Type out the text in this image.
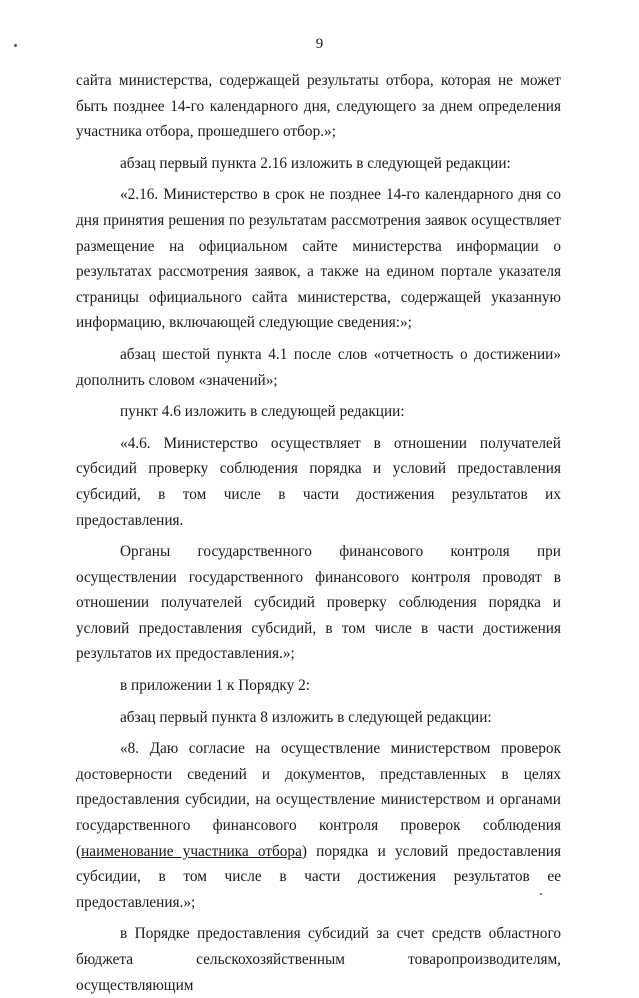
9

сайта министерства, содержащей результаты отбора, которая не может быть позднее 14-го календарного дня, следующего за днем определения участника отбора, прошедшего отбор.»;

абзац первый пункта 2.16 изложить в следующей редакции:

«2.16. Министерство в срок не позднее 14-го календарного дня со дня принятия решения по результатам рассмотрения заявок осуществляет размещение на официальном сайте министерства информации о результатах рассмотрения заявок, а также на едином портале указателя страницы официального сайта министерства, содержащей указанную информацию, включающей следующие сведения:»;

абзац шестой пункта 4.1 после слов «отчетность о достижении» дополнить словом «значений»;

пункт 4.6 изложить в следующей редакции:

«4.6. Министерство осуществляет в отношении получателей субсидий проверку соблюдения порядка и условий предоставления субсидий, в том числе в части достижения результатов их предоставления.

Органы государственного финансового контроля при осуществлении государственного финансового контроля проводят в отношении получателей субсидий проверку соблюдения порядка и условий предоставления субсидий, в том числе в части достижения результатов их предоставления.»;

в приложении 1 к Порядку 2:

абзац первый пункта 8 изложить в следующей редакции:

«8. Даю согласие на осуществление министерством проверок достоверности сведений и документов, представленных в целях предоставления субсидии, на осуществление министерством и органами государственного финансового контроля проверок соблюдения (наименование участника отбора) порядка и условий предоставления субсидии, в том числе в части достижения результатов ее предоставления.»;

в Порядке предоставления субсидий за счет средств областного бюджета сельскохозяйственным товаропроизводителям, осуществляющим
